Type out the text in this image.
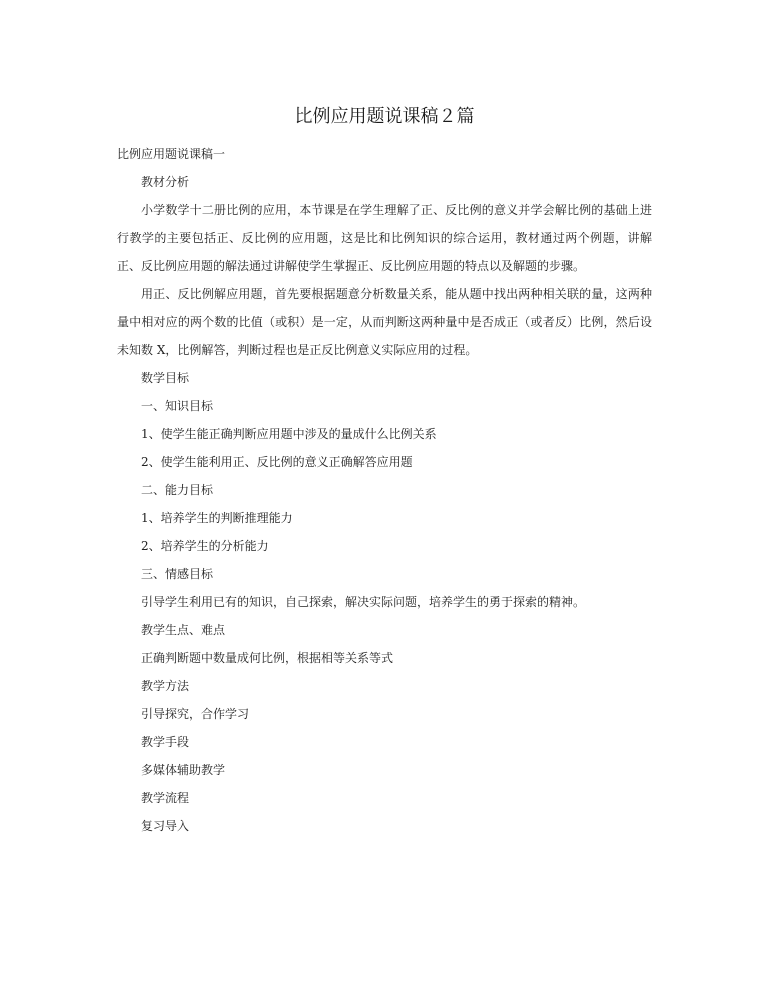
比例应用题说课稿２篇

比例应用题说课稿一

教材分析

小学数学十二册比例的应用，本节课是在学生理解了正、反比例的意义并学会解比例的基础上进行教学的主要包括正、反比例的应用题，这是比和比例知识的综合运用，教材通过两个例题，讲解正、反比例应用题的解法通过讲解使学生掌握正、反比例应用题的特点以及解题的步骤。

用正、反比例解应用题，首先要根据题意分析数量关系，能从题中找出两种相关联的量，这两种量中相对应的两个数的比值（或积）是一定，从而判断这两种量中是否成正（或者反）比例，然后设未知数 X，比例解答，判断过程也是正反比例意义实际应用的过程。

数学目标

一、知识目标

1、使学生能正确判断应用题中涉及的量成什么比例关系

2、使学生能利用正、反比例的意义正确解答应用题

二、能力目标

1、培养学生的判断推理能力

2、培养学生的分析能力

三、情感目标

引导学生利用已有的知识，自己探索，解决实际问题，培养学生的勇于探索的精神。

教学生点、难点

正确判断题中数量成何比例，根据相等关系等式

教学方法

引导探究，合作学习

教学手段

多媒体辅助教学

教学流程

复习导入
